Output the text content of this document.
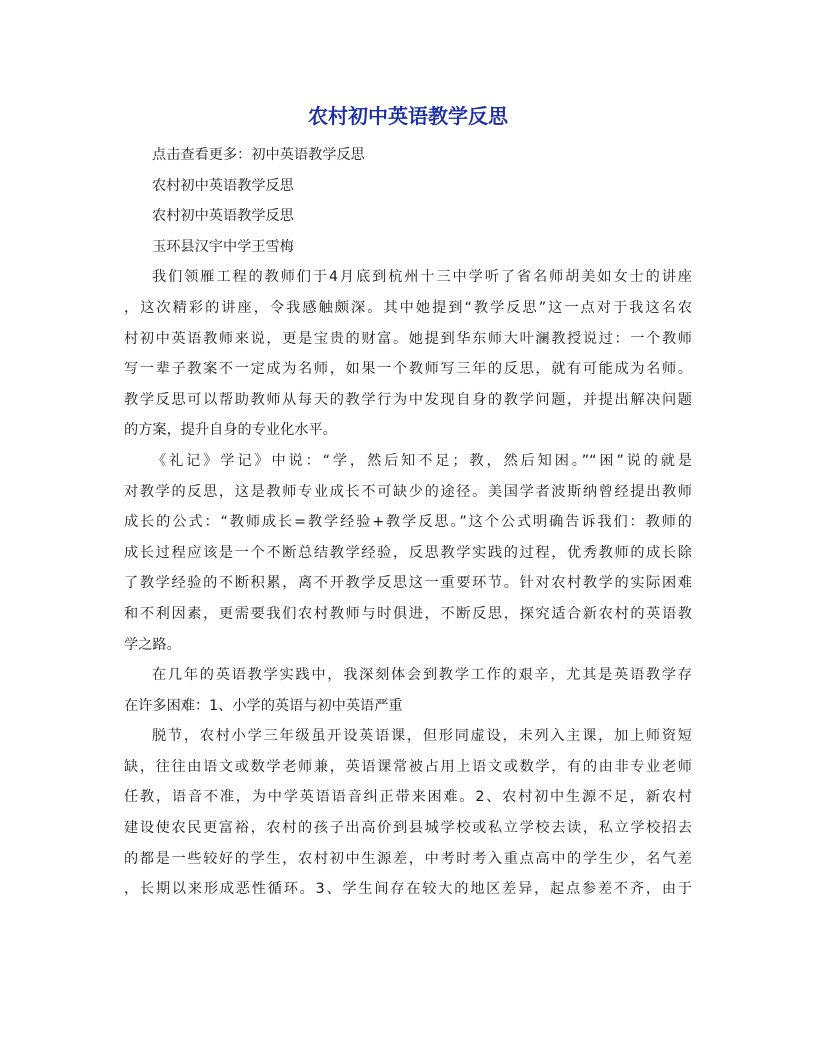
农村初中英语教学反思
点击查看更多：初中英语教学反思
农村初中英语教学反思
农村初中英语教学反思
玉环县汉宇中学王雪梅
我们领雁工程的教师们于4月底到杭州十三中学听了省名师胡美如女士的讲座
，这次精彩的讲座，令我感触颇深。其中她提到“教学反思”这一点对于我这名农
村初中英语教师来说，更是宝贵的财富。她提到华东师大叶澜教授说过：一个教师
写一辈子教案不一定成为名师，如果一个教师写三年的反思，就有可能成为名师。
教学反思可以帮助教师从每天的教学行为中发现自身的教学问题，并提出解决问题
的方案，提升自身的专业化水平。
《礼记》学记》中说：“学，然后知不足；教，然后知困。”“困”说的就是
对教学的反思，这是教师专业成长不可缺少的途径。美国学者波斯纳曾经提出教师
成长的公式：“教师成长=教学经验+教学反思。”这个公式明确告诉我们：教师的
成长过程应该是一个不断总结教学经验，反思教学实践的过程，优秀教师的成长除
了教学经验的不断积累，离不开教学反思这一重要环节。针对农村教学的实际困难
和不利因素，更需要我们农村教师与时俱进，不断反思，探究适合新农村的英语教
学之路。
在几年的英语教学实践中，我深刻体会到教学工作的艰辛，尤其是英语教学存
在许多困难：1、小学的英语与初中英语严重
脱节，农村小学三年级虽开设英语课，但形同虚设，未列入主课，加上师资短
缺，往往由语文或数学老师兼，英语课常被占用上语文或数学，有的由非专业老师
任教，语音不准，为中学英语语音纠正带来困难。2、农村初中生源不足，新农村
建设使农民更富裕，农村的孩子出高价到县城学校或私立学校去读，私立学校招去
的都是一些较好的学生，农村初中生源差，中考时考入重点高中的学生少，名气差
，长期以来形成恶性循环。3、学生间存在较大的地区差异，起点参差不齐，由于
